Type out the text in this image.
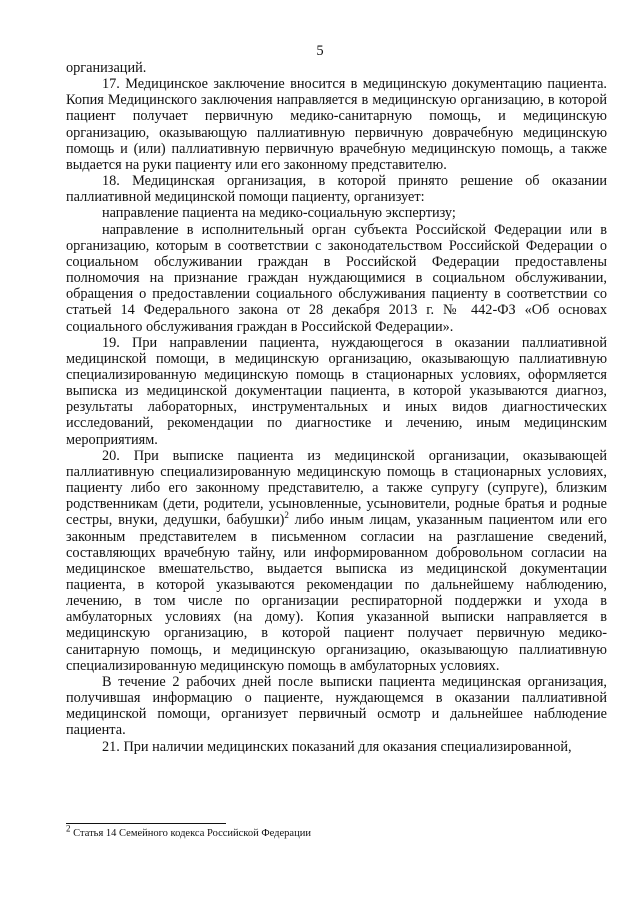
5

организаций.

17. Медицинское заключение вносится в медицинскую документацию пациента. Копия Медицинского заключения направляется в медицинскую организацию, в которой пациент получает первичную медико-санитарную помощь, и медицинскую организацию, оказывающую паллиативную первичную доврачебную медицинскую помощь и (или) паллиативную первичную врачебную медицинскую помощь, а также выдается на руки пациенту или его законному представителю.

18. Медицинская организация, в которой принято решение об оказании паллиативной медицинской помощи пациенту, организует:

направление пациента на медико-социальную экспертизу;

направление в исполнительный орган субъекта Российской Федерации или в организацию, которым в соответствии с законодательством Российской Федерации о социальном обслуживании граждан в Российской Федерации предоставлены полномочия на признание граждан нуждающимися в социальном обслуживании, обращения о предоставлении социального обслуживания пациенту в соответствии со статьей 14 Федерального закона от 28 декабря 2013 г. № 442-ФЗ «Об основах социального обслуживания граждан в Российской Федерации».

19. При направлении пациента, нуждающегося в оказании паллиативной медицинской помощи, в медицинскую организацию, оказывающую паллиативную специализированную медицинскую помощь в стационарных условиях, оформляется выписка из медицинской документации пациента, в которой указываются диагноз, результаты лабораторных, инструментальных и иных видов диагностических исследований, рекомендации по диагностике и лечению, иным медицинским мероприятиям.

20. При выписке пациента из медицинской организации, оказывающей паллиативную специализированную медицинскую помощь в стационарных условиях, пациенту либо его законному представителю, а также супругу (супруге), близким родственникам (дети, родители, усыновленные, усыновители, родные братья и родные сестры, внуки, дедушки, бабушки)$^2$ либо иным лицам, указанным пациентом или его законным представителем в письменном согласии на разглашение сведений, составляющих врачебную тайну, или информированном добровольном согласии на медицинское вмешательство, выдается выписка из медицинской документации пациента, в которой указываются рекомендации по дальнейшему наблюдению, лечению, в том числе по организации респираторной поддержки и ухода в амбулаторных условиях (на дому). Копия указанной выписки направляется в медицинскую организацию, в которой пациент получает первичную медико-санитарную помощь, и медицинскую организацию, оказывающую паллиативную специализированную медицинскую помощь в амбулаторных условиях.

В течение 2 рабочих дней после выписки пациента медицинская организация, получившая информацию о пациенте, нуждающемся в оказании паллиативной медицинской помощи, организует первичный осмотр и дальнейшее наблюдение пациента.

21. При наличии медицинских показаний для оказания специализированной,

$^2$ Статья 14 Семейного кодекса Российской Федерации
